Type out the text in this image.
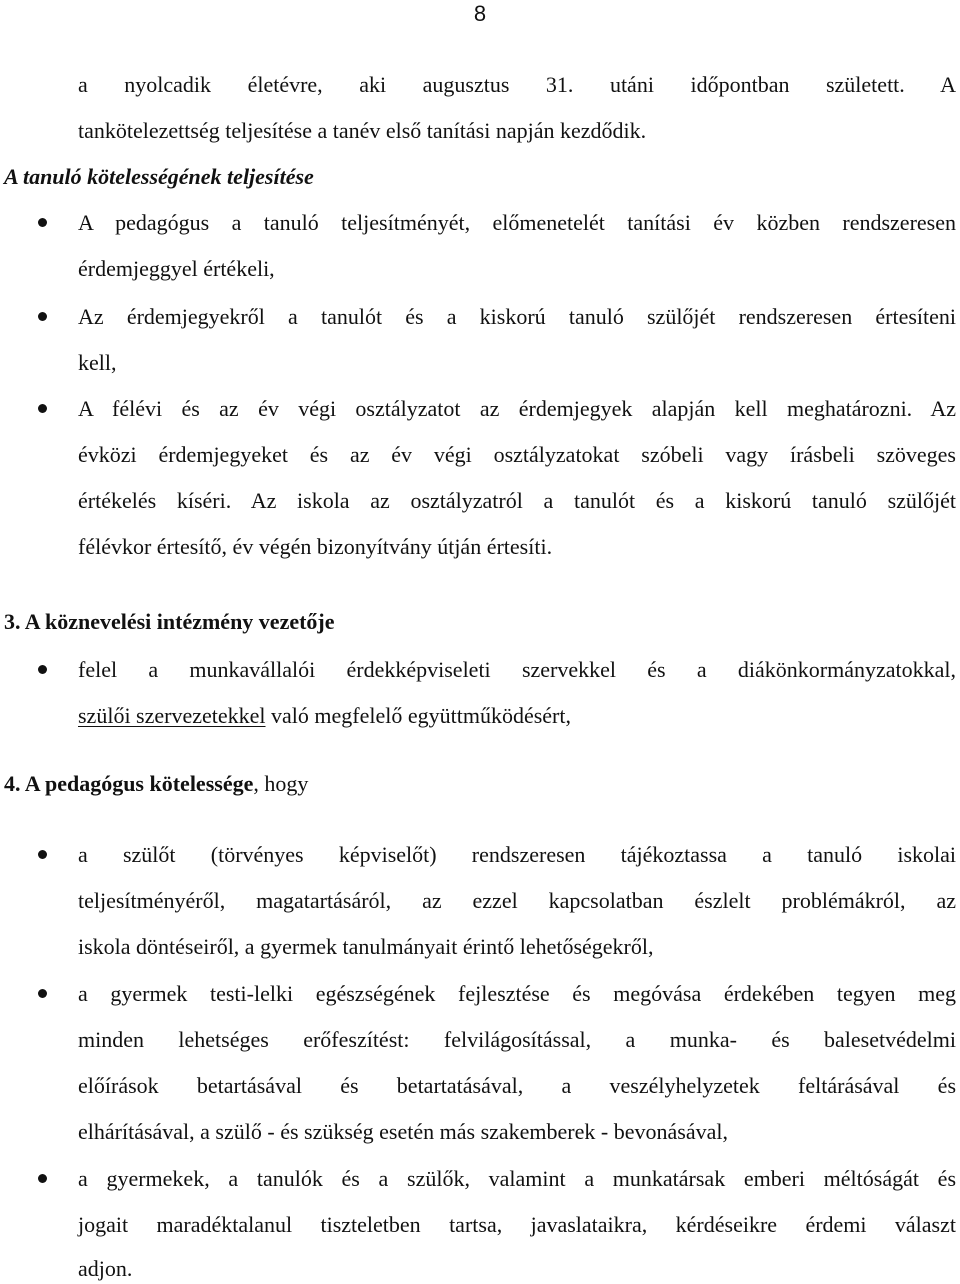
8
a nyolcadik életévre, aki augusztus 31. utáni időpontban született. A
tankötelezettség teljesítése a tanév első tanítási napján kezdődik.
A tanuló kötelességének teljesítése
A pedagógus a tanuló teljesítményét, előmenetelét tanítási év közben rendszeresen
érdemjeggyel értékeli,
Az érdemjegyekről a tanulót és a kiskorú tanuló szülőjét rendszeresen értesíteni
kell,
A félévi és az év végi osztályzatot az érdemjegyek alapján kell meghatározni. Az
évközi érdemjegyeket és az év végi osztályzatokat szóbeli vagy írásbeli szöveges
értékelés kíséri. Az iskola az osztályzatról a tanulót és a kiskorú tanuló szülőjét
félévkor értesítő, év végén bizonyítvány útján értesíti.
3. A köznevelési intézmény vezetője
felel a munkavállalói érdekképviseleti szervekkel és a diákönkormányzatokkal,
szülői szervezetekkel való megfelelő együttműködésért,
4. A pedagógus kötelessége, hogy
a szülőt (törvényes képviselőt) rendszeresen tájékoztassa a tanuló iskolai
teljesítményéről, magatartásáról, az ezzel kapcsolatban észlelt problémákról, az
iskola döntéseiről, a gyermek tanulmányait érintő lehetőségekről,
a gyermek testi-lelki egészségének fejlesztése és megóvása érdekében tegyen meg
minden lehetséges erőfeszítést: felvilágosítással, a munka- és balesetvédelmi
előírások betartásával és betartatásával, a veszélyhelyzetek feltárásával és
elhárításával, a szülő - és szükség esetén más szakemberek - bevonásával,
a gyermekek, a tanulók és a szülők, valamint a munkatársak emberi méltóságát és
jogait maradéktalanul tiszteletben tartsa, javaslataikra, kérdéseikre érdemi választ
adjon.
